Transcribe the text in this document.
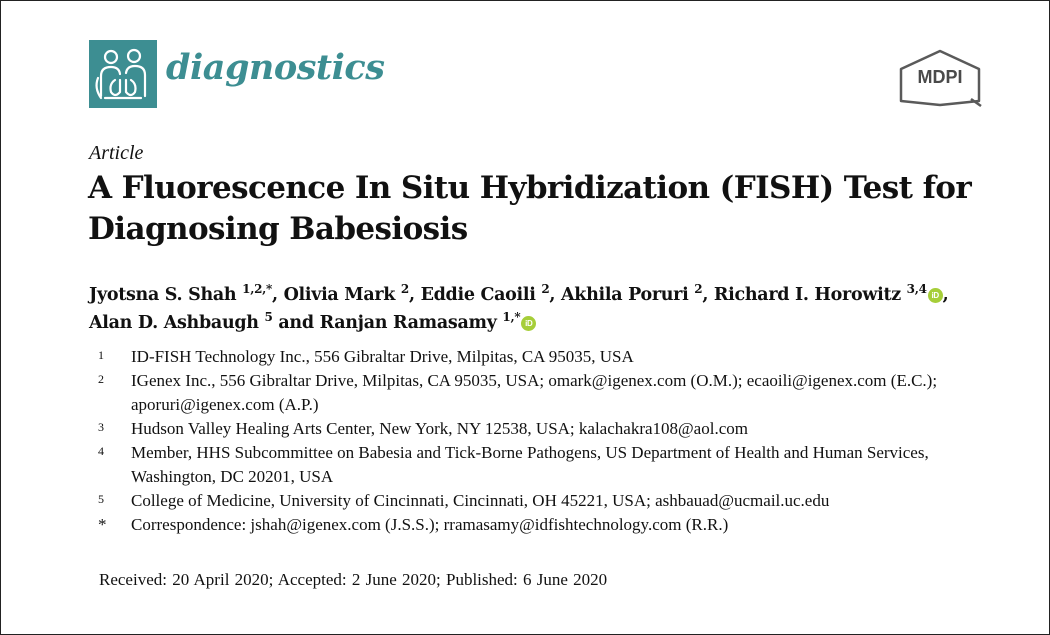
diagnostics	MDPI
Article
A Fluorescence In Situ Hybridization (FISH) Test for Diagnosing Babesiosis
Jyotsna S. Shah $^{1,2,*}$, Olivia Mark $^2$, Eddie Caoili $^2$, Akhila Poruri $^2$, Richard I. Horowitz $^{3,4}$ iD ,
Alan D. Ashbaugh $^5$ and Ranjan Ramasamy $^{1,*}$ iD
1	ID-FISH Technology Inc., 556 Gibraltar Drive, Milpitas, CA 95035, USA
2	IGenex Inc., 556 Gibraltar Drive, Milpitas, CA 95035, USA; omark@igenex.com (O.M.); ecaoili@igenex.com (E.C.); aporuri@igenex.com (A.P.)
3	Hudson Valley Healing Arts Center, New York, NY 12538, USA; kalachakra108@aol.com
4	Member, HHS Subcommittee on Babesia and Tick-Borne Pathogens, US Department of Health and Human Services, Washington, DC 20201, USA
5	College of Medicine, University of Cincinnati, Cincinnati, OH 45221, USA; ashbauad@ucmail.uc.edu
*	Correspondence: jshah@igenex.com (J.S.S.); rramasamy@idfishtechnology.com (R.R.)
Received: 20 April 2020; Accepted: 2 June 2020; Published: 6 June 2020
